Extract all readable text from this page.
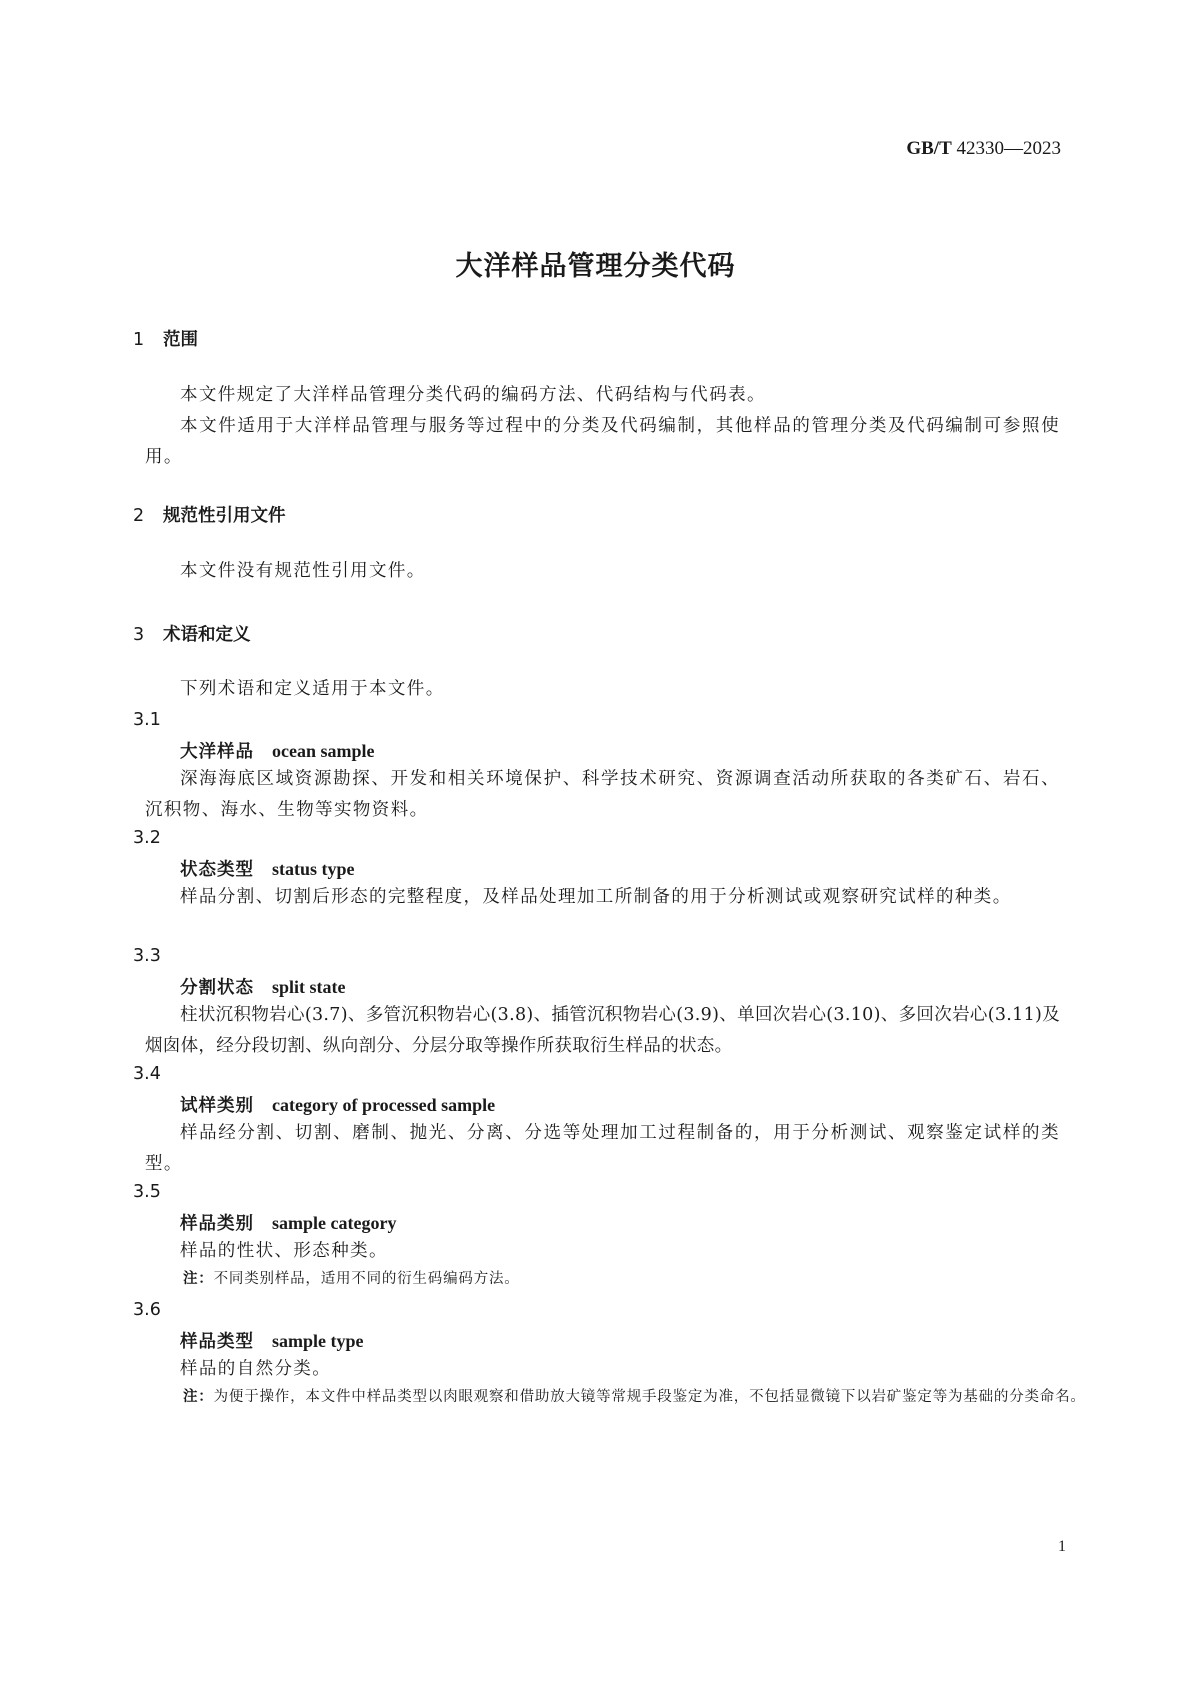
GB/T 42330—2023

大洋样品管理分类代码

1 范围

本文件规定了大洋样品管理分类代码的编码方法、代码结构与代码表。

本文件适用于大洋样品管理与服务等过程中的分类及代码编制，其他样品的管理分类及代码编制可参照使用。

2 规范性引用文件

本文件没有规范性引用文件。

3 术语和定义

下列术语和定义适用于本文件。

3.1

大洋样品 ocean sample

深海海底区域资源勘探、开发和相关环境保护、科学技术研究、资源调查活动所获取的各类矿石、岩石、沉积物、海水、生物等实物资料。

3.2

状态类型 status type

样品分割、切割后形态的完整程度，及样品处理加工所制备的用于分析测试或观察研究试样的种类。

3.3

分割状态 split state

柱状沉积物岩心(3.7)、多管沉积物岩心(3.8)、插管沉积物岩心(3.9)、单回次岩心(3.10)、多回次岩心(3.11)及烟囱体，经分段切割、纵向剖分、分层分取等操作所获取衍生样品的状态。

3.4

试样类别 category of processed sample

样品经分割、切割、磨制、抛光、分离、分选等处理加工过程制备的，用于分析测试、观察鉴定试样的类型。

3.5

样品类别 sample category

样品的性状、形态种类。

注：不同类别样品，适用不同的衍生码编码方法。

3.6

样品类型 sample type

样品的自然分类。

注：为便于操作，本文件中样品类型以肉眼观察和借助放大镜等常规手段鉴定为准，不包括显微镜下以岩矿鉴定等为基础的分类命名。

1
